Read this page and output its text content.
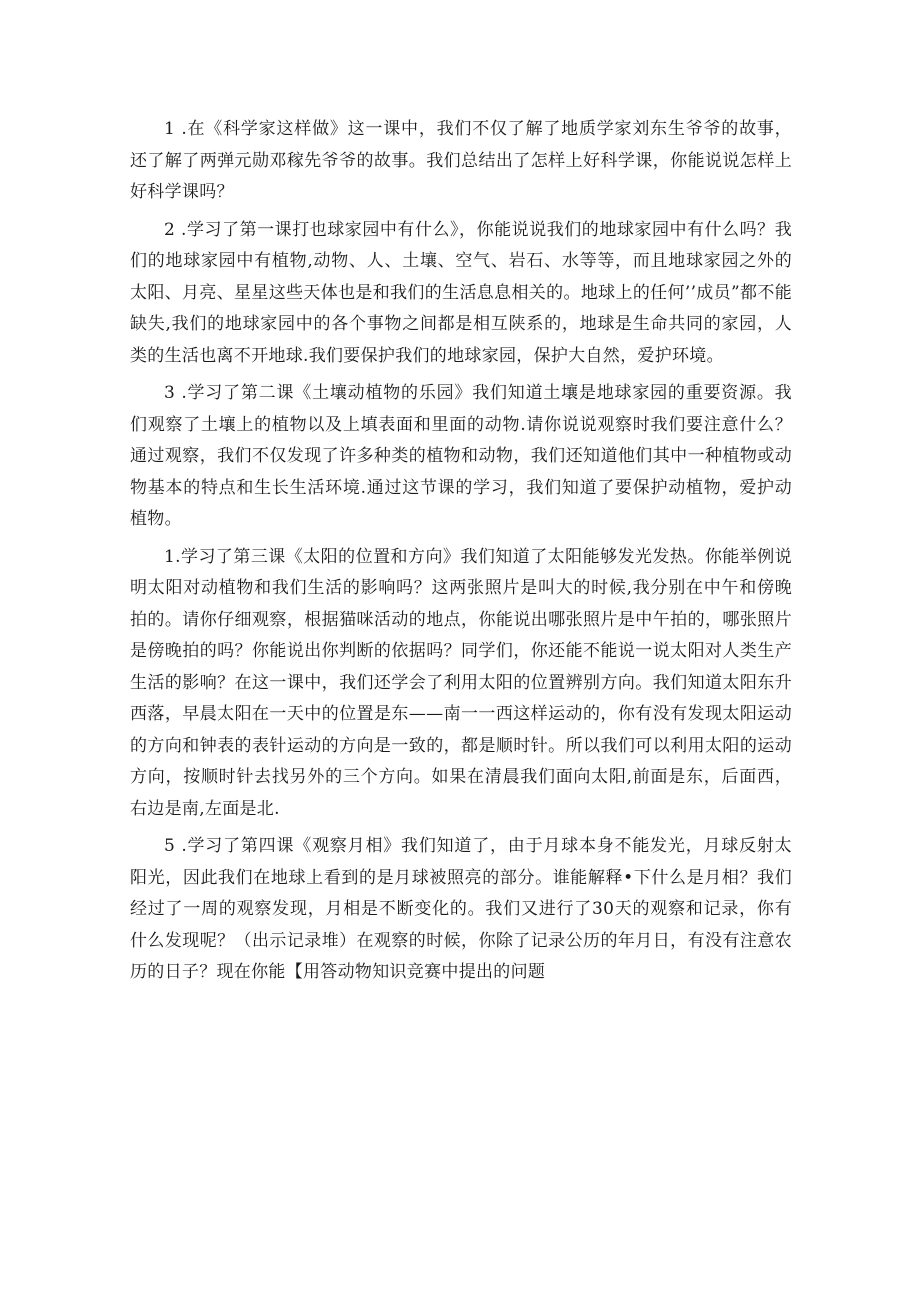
1 .在《科学家这样做》这一课中，我们不仅了解了地质学家刘东生爷爷的故事，还了解了两弹元勋邓稼先爷爷的故事。我们总结出了怎样上好科学课，你能说说怎样上好科学课吗？

2 .学习了第一课打也球家园中有什么》，你能说说我们的地球家园中有什么吗？我们的地球家园中有植物,动物、人、土壤、空气、岩石、水等等，而且地球家园之外的太阳、月亮、星星这些天体也是和我们的生活息息相关的。地球上的任何’’成员”都不能缺失,我们的地球家园中的各个事物之间都是相互陕系的，地球是生命共同的家园，人类的生活也离不开地球.我们要保护我们的地球家园，保护大自然，爱护环境。

3 .学习了第二课《土壤动植物的乐园》我们知道土壤是地球家园的重要资源。我们观察了土壤上的植物以及上填表面和里面的动物.请你说说观察时我们要注意什么？通过观察，我们不仅发现了许多种类的植物和动物，我们还知道他们其中一种植物或动物基本的特点和生长生活环境.通过这节课的学习，我们知道了要保护动植物，爱护动植物。

1.学习了第三课《太阳的位置和方向》我们知道了太阳能够发光发热。你能举例说明太阳对动植物和我们生活的影响吗？这两张照片是叫大的时候,我分别在中午和傍晚拍的。请你仔细观察，根据猫咪活动的地点，你能说出哪张照片是中午拍的，哪张照片是傍晚拍的吗？你能说出你判断的依据吗？同学们，你还能不能说一说太阳对人类生产生活的影响？在这一课中，我们还学会了利用太阳的位置辨别方向。我们知道太阳东升西落，早晨太阳在一天中的位置是东——南一一西这样运动的，你有没有发现太阳运动的方向和钟表的表针运动的方向是一致的，都是顺时针。所以我们可以利用太阳的运动方向，按顺时针去找另外的三个方向。如果在清晨我们面向太阳,前面是东，后面西，右边是南,左面是北.

5 .学习了第四课《观察月相》我们知道了，由于月球本身不能发光，月球反射太阳光，因此我们在地球上看到的是月球被照亮的部分。谁能解释•下什么是月相？我们经过了一周的观察发现，月相是不断变化的。我们又进行了30天的观察和记录，你有什么发现呢？（出示记录堆）在观察的时候，你除了记录公历的年月日，有没有注意农历的日子？现在你能【用答动物知识竞赛中提出的问题
